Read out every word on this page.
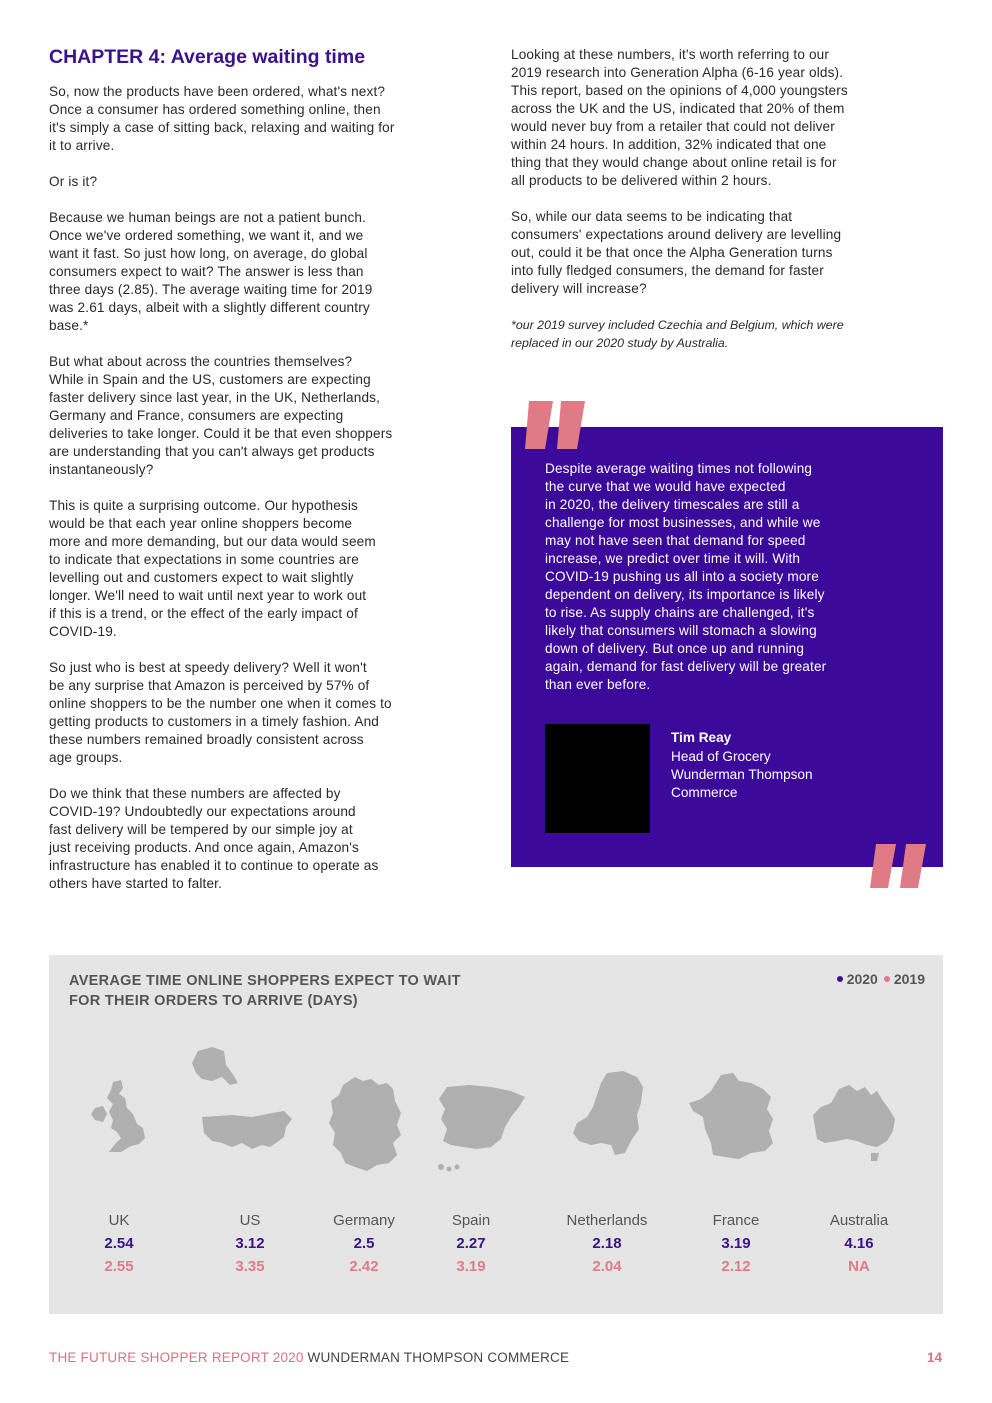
CHAPTER 4: Average waiting time

So, now the products have been ordered, what's next?
Once a consumer has ordered something online, then
it's simply a case of sitting back, relaxing and waiting for
it to arrive.

Or is it?

Because we human beings are not a patient bunch.
Once we've ordered something, we want it, and we
want it fast. So just how long, on average, do global
consumers expect to wait? The answer is less than
three days (2.85). The average waiting time for 2019
was 2.61 days, albeit with a slightly different country
base.*

But what about across the countries themselves?
While in Spain and the US, customers are expecting
faster delivery since last year, in the UK, Netherlands,
Germany and France, consumers are expecting
deliveries to take longer. Could it be that even shoppers
are understanding that you can't always get products
instantaneously?

This is quite a surprising outcome. Our hypothesis
would be that each year online shoppers become
more and more demanding, but our data would seem
to indicate that expectations in some countries are
levelling out and customers expect to wait slightly
longer. We'll need to wait until next year to work out
if this is a trend, or the effect of the early impact of
COVID-19.

So just who is best at speedy delivery? Well it won't
be any surprise that Amazon is perceived by 57% of
online shoppers to be the number one when it comes to
getting products to customers in a timely fashion. And
these numbers remained broadly consistent across
age groups.

Do we think that these numbers are affected by
COVID-19? Undoubtedly our expectations around
fast delivery will be tempered by our simple joy at
just receiving products. And once again, Amazon's
infrastructure has enabled it to continue to operate as
others have started to falter.

Looking at these numbers, it's worth referring to our
2019 research into Generation Alpha (6-16 year olds).
This report, based on the opinions of 4,000 youngsters
across the UK and the US, indicated that 20% of them
would never buy from a retailer that could not deliver
within 24 hours. In addition, 32% indicated that one
thing that they would change about online retail is for
all products to be delivered within 2 hours.

So, while our data seems to be indicating that
consumers' expectations around delivery are levelling
out, could it be that once the Alpha Generation turns
into fully fledged consumers, the demand for faster
delivery will increase?

*our 2019 survey included Czechia and Belgium, which were
replaced in our 2020 study by Australia.

Despite average waiting times not following
the curve that we would have expected
in 2020, the delivery timescales are still a
challenge for most businesses, and while we
may not have seen that demand for speed
increase, we predict over time it will. With
COVID-19 pushing us all into a society more
dependent on delivery, its importance is likely
to rise. As supply chains are challenged, it's
likely that consumers will stomach a slowing
down of delivery. But once up and running
again, demand for fast delivery will be greater
than ever before.
Tim Reay
Head of Grocery
Wunderman Thompson
Commerce
AVERAGE TIME ONLINE SHOPPERS EXPECT TO WAIT
FOR THEIR ORDERS TO ARRIVE (DAYS)
2020 2019
UK
2.54
2.55
US
3.12
3.35
Germany
2.5
2.42
Spain
2.27
3.19
Netherlands
2.18
2.04
France
3.19
2.12
Australia
4.16
NA
THE FUTURE SHOPPER REPORT 2020 WUNDERMAN THOMPSON COMMERCE	14
